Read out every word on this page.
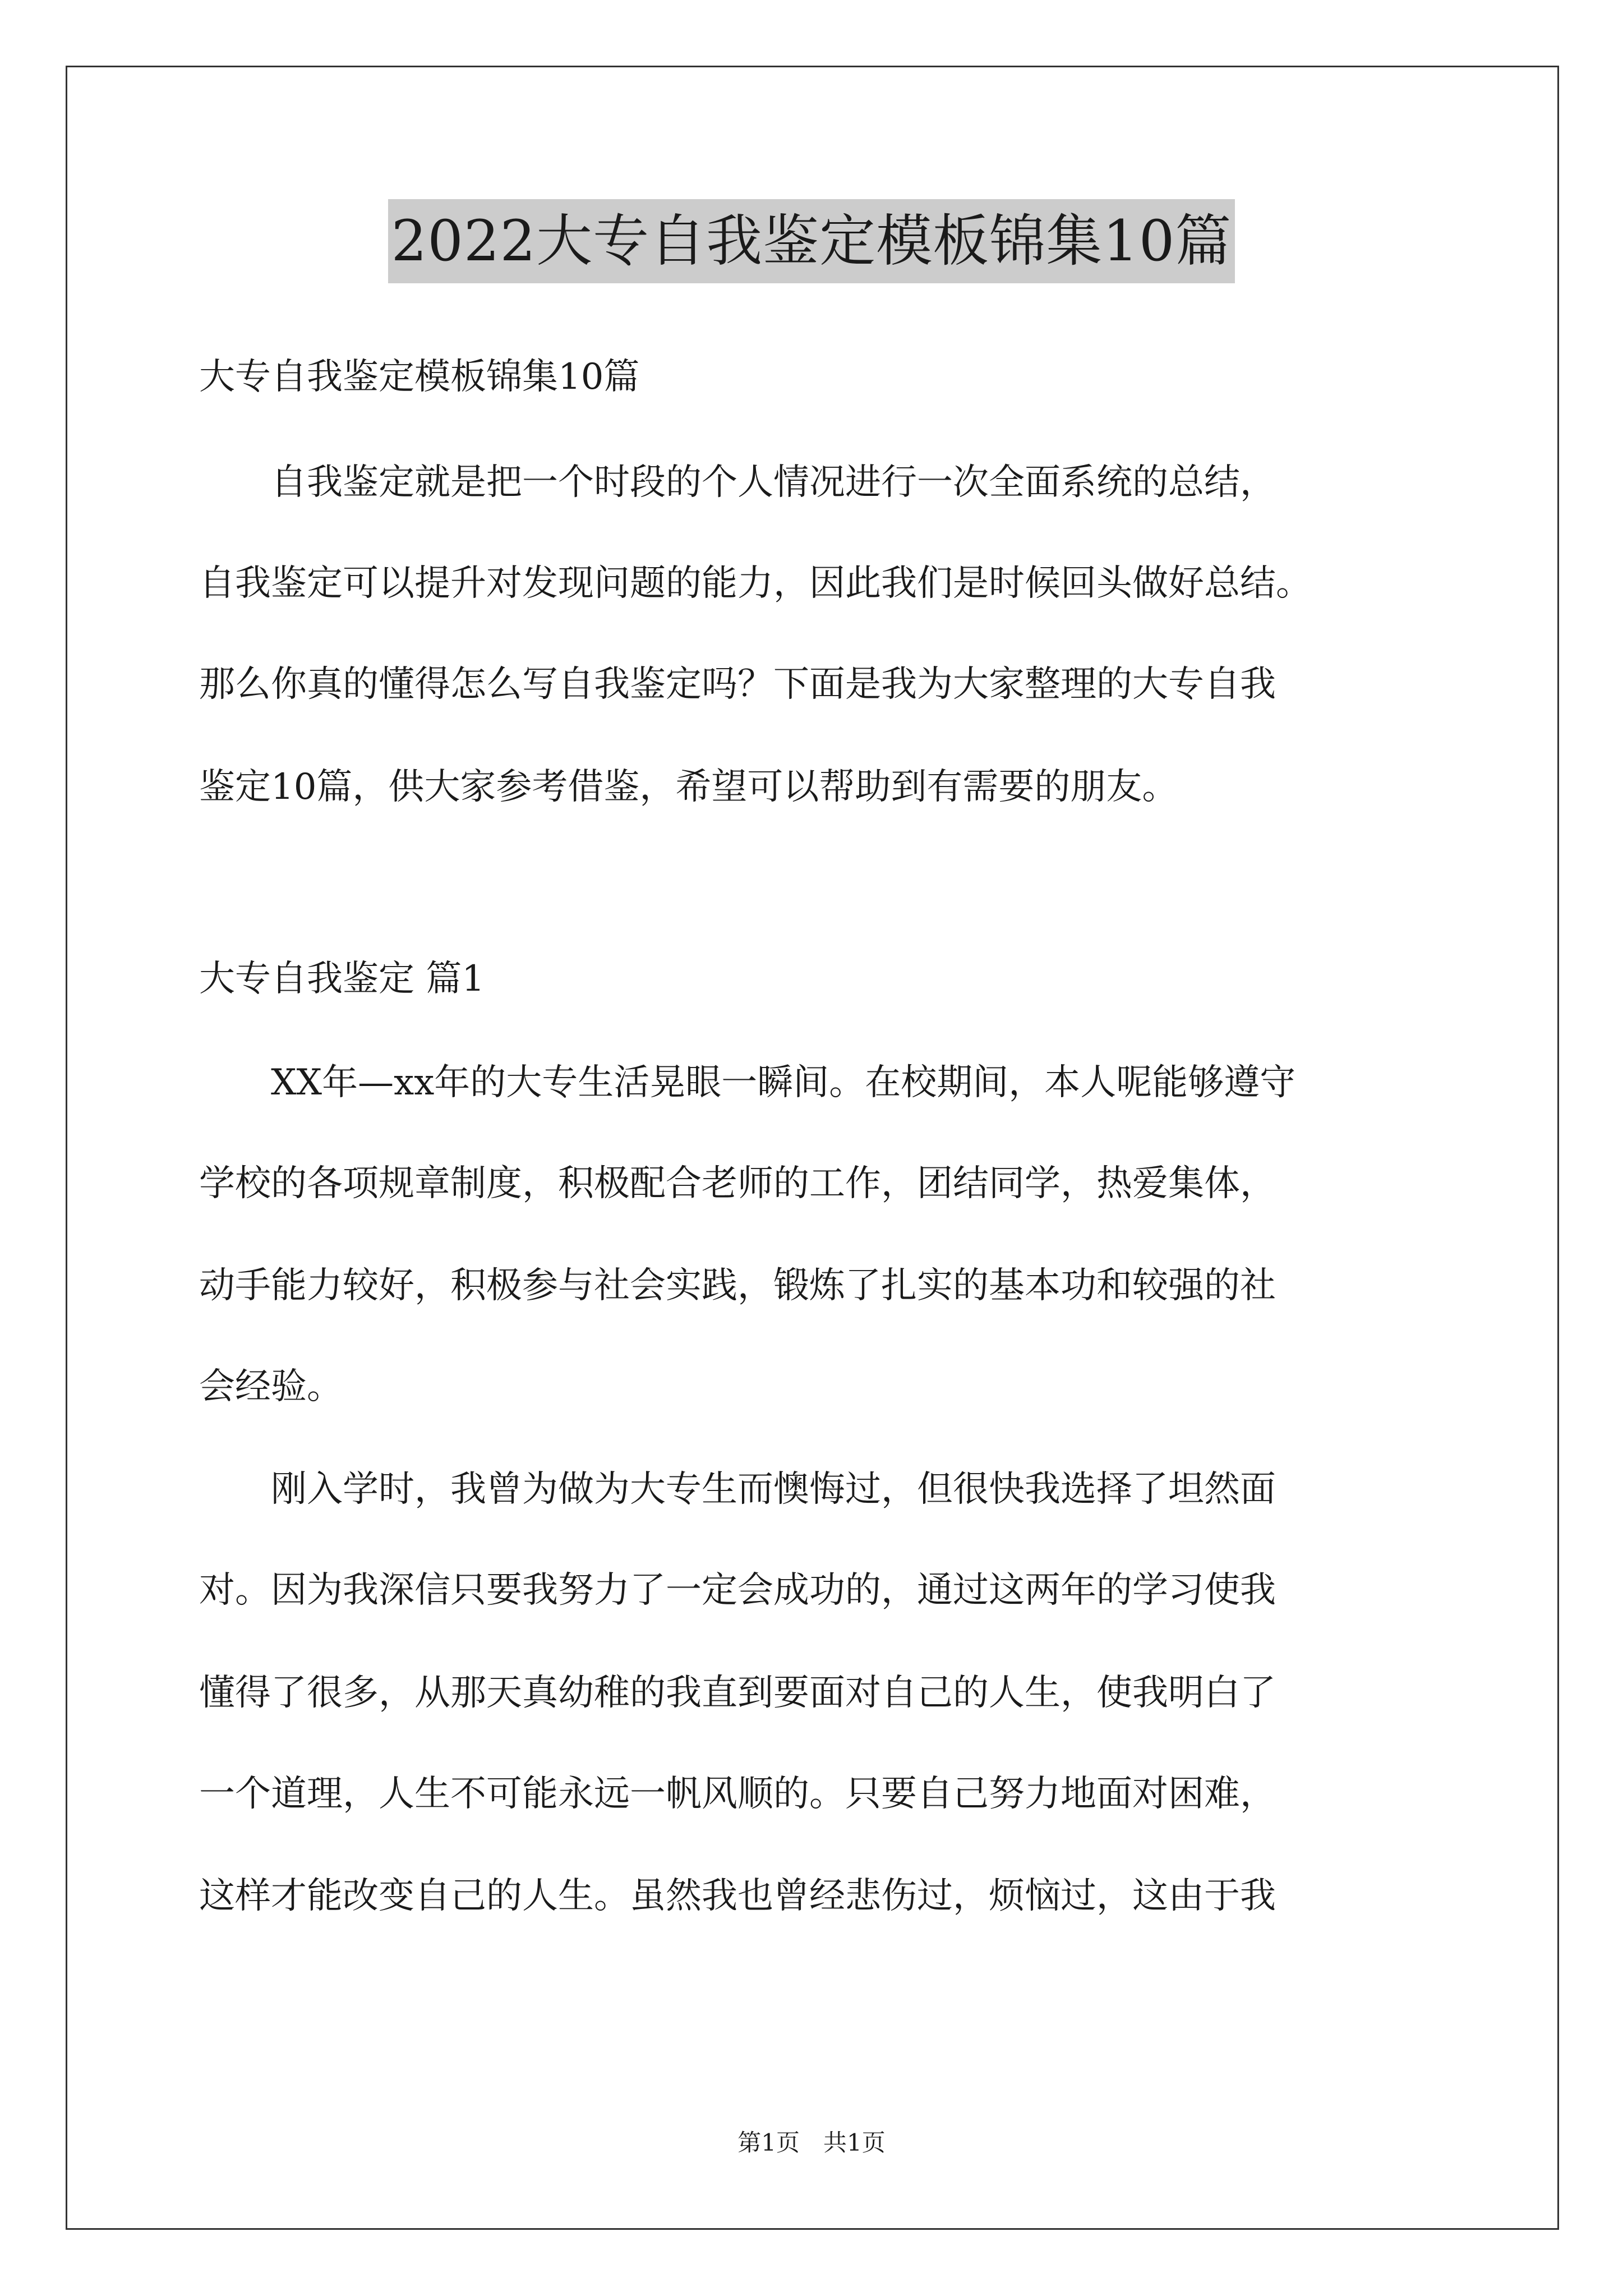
2022大专自我鉴定模板锦集10篇

大专自我鉴定模板锦集10篇

　　自我鉴定就是把一个时段的个人情况进行一次全面系统的总结，

自我鉴定可以提升对发现问题的能力，因此我们是时候回头做好总结。

那么你真的懂得怎么写自我鉴定吗？下面是我为大家整理的大专自我

鉴定10篇，供大家参考借鉴，希望可以帮助到有需要的朋友。

大专自我鉴定 篇1

　　XX年—xx年的大专生活晃眼一瞬间。在校期间，本人呢能够遵守

学校的各项规章制度，积极配合老师的工作，团结同学，热爱集体，

动手能力较好，积极参与社会实践，锻炼了扎实的基本功和较强的社

会经验。

　　刚入学时，我曾为做为大专生而懊悔过，但很快我选择了坦然面

对。因为我深信只要我努力了一定会成功的，通过这两年的学习使我

懂得了很多，从那天真幼稚的我直到要面对自己的人生，使我明白了

一个道理，人生不可能永远一帆风顺的。只要自己努力地面对困难，

这样才能改变自己的人生。虽然我也曾经悲伤过，烦恼过，这由于我

第1页　共1页
